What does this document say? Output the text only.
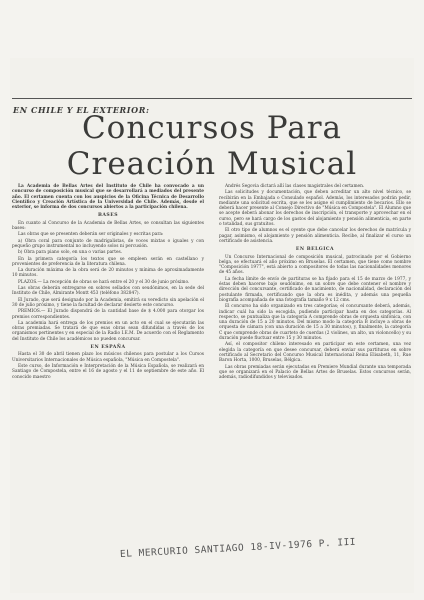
EN CHILE Y EL EXTERIOR:
Concursos Para
Creación Musical

La Academia de Bellas Artes del Instituto de Chile ha convocado a un concurso de composición musical que se desarrollará a mediados del presente año. El certamen cuenta con los auspicios de la Oficina Técnica de Desarrollo Científico y Creación Artística de la Universidad de Chile. Además, desde el exterior, se informa de dos concursos abiertos a la participación chilena.

BASES

En cuanto al Concurso de la Academia de Bellas Artes, se consultan las siguientes bases:

Las obras que se presenten deberán ser originales y escritas para:

a) Obra coral para conjunto de madrigalistas, de voces mixtas o iguales y con pequeño grupo instrumental no incluyendo solos ni percusión.

b) Obra para piano solo, en una o varias partes.

En la primera categoría los textos que se empleen serán en castellano y provenientes de preferencia de la literatura chilena.

La duración máxima de la obra será de 20 minutos y mínima de aproximadamente 10 minutos.

PLAZOS.— La recepción de obras se hará entre el 20 y el 30 de junio próximo.

Las obras deberán entregarse en sobres sellados con seudónimos, en la sede del Instituto de Chile, Almirante Montt 453 (teléfono 382847).

El Jurado, que será designado por la Academia, emitirá su veredicto sin apelación el 30 de julio próximo, y tiene la facultad de declarar desierto este concurso.

PREMIOS.— El Jurado dispondrá de la cantidad base de $ 4.000 para otorgar los premios correspondientes.

La academia hará entrega de los premios en un acto en el cual se ejecutarán las obras premiadas. Se tratará de que esas obras sean difundidas a través de los organismos pertinentes y en especial de la Radio I.E.M. De acuerdo con el Reglamento del Instituto de Chile los académicos no pueden concursar.

EN ESPAÑA

Hasta el 30 de abril tienen plazo los músicos chilenos para postular a los Cursos Universitarios Internacionales de Música española, "Música en Compostela".

Este curso, de Información e Interpretación de la Música Española, se realizará en Santiago de Compostela, entre el 16 de agosto y el 11 de septiembre de este año. El conocido maestro

Andrés Segovia dictará allí las clases magistrales del certamen.

Las solicitudes y documentación, que deben acreditar un alto nivel técnico, se recibirán en la Embajada o Consulado español. Además, los interesados podrán pedir, mediante una solicitud escrita, que se les asigne el cumplimiento de becarios. Ello se deberá hacer presente al Consejo Directivo de "Música en Compostela". El Alumno que se acepte deberá abonar los derechos de inscripción, el transporte y aprovechar en el curso, pero se hará cargo de los gastos del alojamiento y pensión alimenticia, en parte o totalidad, sus gratuitos.

El otro tipo de alumnos es el oyente que debe cancelar los derechos de matrícula y pagar, asimismo, el alojamiento y pensión alimenticia. Recibe, al finalizar el curso un certificado de asistencia.

EN BELGICA

Un Concurso Internacional de composición musical, patrocinado por el Gobierno belga, se efectuará el año próximo en Bruselas. El certamen, que tiene como nombre "Composición 1977", está abierto a compositores de todas las nacionalidades menores de 45 años.

La fecha límite de envío de partituras se ha fijado para el 15 de marzo de 1977, y éstas deben hacerse bajo seudónimo, en un sobre que debe contener el nombre y dirección del concursante, certificado de nacimiento, de nacionalidad, declaración del postulante firmada, certificando que la obra es inédita, y además una pequeña biografía acompañada de una fotografía tamaño 9 x 12 cms.

El concurso ha sido organizado en tres categorías; el concursante deberá, además, indicar cuál ha sido la escogida, pudiendo participar hasta en dos categorías. Al respecto, se puntualiza que la categoría A comprende obras de orquesta sinfónica, con una duración de 15 a 20 minutos. Del mismo modo la categoría B incluye a obras de orquesta de cámara (con una duración de 15 a 30 minutos), y, finalmente, la categoría C que comprende obras de cuarteto de cuerdas (2 violines, un alto, un violoncello) y su duración puede fluctuar entre 15 y 30 minutos.

Así, el compositor chileno interesado en participar en este certamen, una vez elegida la categoría en que desee concursar, deberá enviar sus partituras en sobre certificado al Secretario del Concurso Musical Internacional Reina Elisabeth, 11, Rue Baron Horta, 1000, Bruselas, Bélgica.

Las obras premiadas serán ejecutadas en Premiere Mundial durante una temporada que se organizará en el Palacio de Bellas Artes de Bruselas. Estos concursos serán, además, radiodifundidos y televisados.

EL MERCURIO SANTIAGO 18-IV-1976 P. III
